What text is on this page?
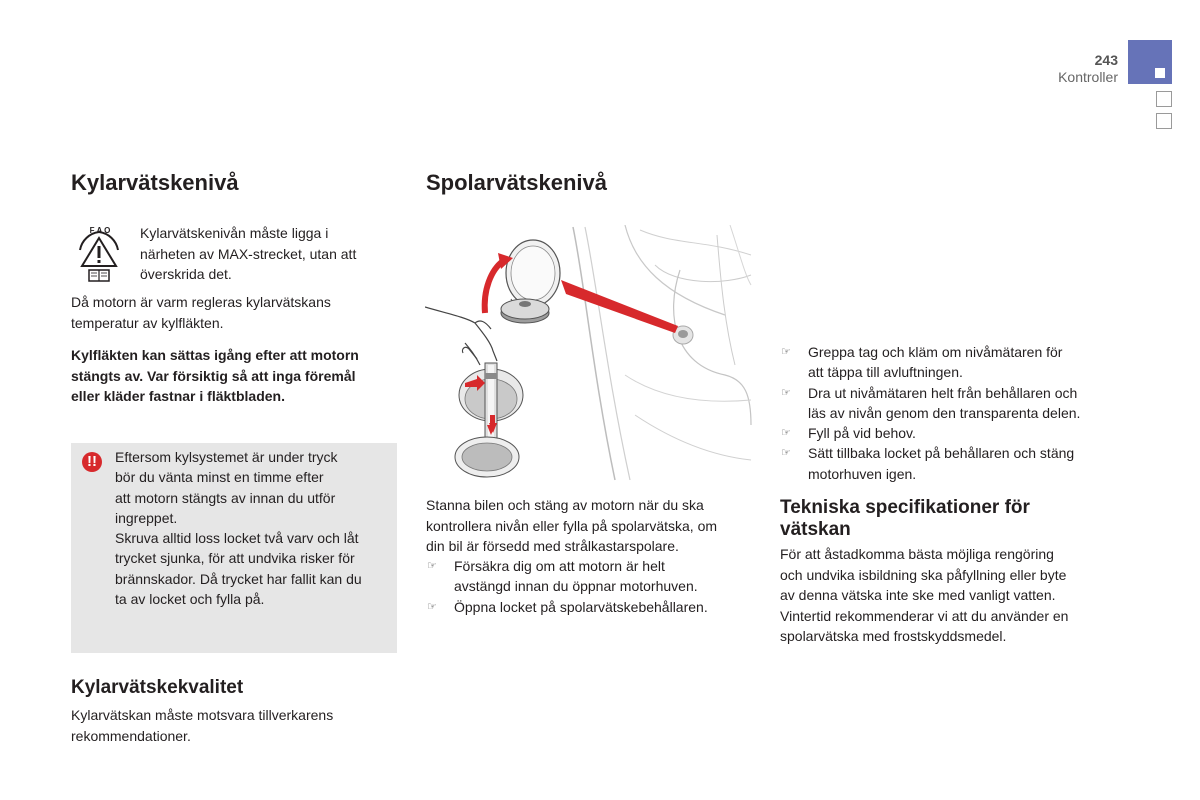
243
Kontroller
Kylarvätskenivå
F A O	Kylarvätskenivån måste ligga i
närheten av MAX-strecket, utan att
överskrida det.
Då motorn är varm regleras kylarvätskans
temperatur av kylfläkten.
Kylfläkten kan sättas igång efter att motorn
stängts av. Var försiktig så att inga föremål
eller kläder fastnar i fläktbladen.
!!	Eftersom kylsystemet är under tryck
bör du vänta minst en timme efter
att motorn stängts av innan du utför
ingreppet.
Skruva alltid loss locket två varv och låt
trycket sjunka, för att undvika risker för
brännskador. Då trycket har fallit kan du
ta av locket och fylla på.
Kylarvätskekvalitet
Kylarvätskan måste motsvara tillverkarens
rekommendationer.
Spolarvätskenivå
Stanna bilen och stäng av motorn när du ska
kontrollera nivån eller fylla på spolarvätska, om
din bil är försedd med strålkastarspolare.
☞ Försäkra dig om att motorn är helt
avstängd innan du öppnar motorhuven.
☞ Öppna locket på spolarvätskebehållaren.
☞ Greppa tag och kläm om nivåmätaren för
att täppa till avluftningen.
☞ Dra ut nivåmätaren helt från behållaren och
läs av nivån genom den transparenta delen.
☞ Fyll på vid behov.
☞ Sätt tillbaka locket på behållaren och stäng
motorhuven igen.
Tekniska specifikationer för
vätskan
För att åstadkomma bästa möjliga rengöring
och undvika isbildning ska påfyllning eller byte
av denna vätska inte ske med vanligt vatten.
Vintertid rekommenderar vi att du använder en
spolarvätska med frostskyddsmedel.
